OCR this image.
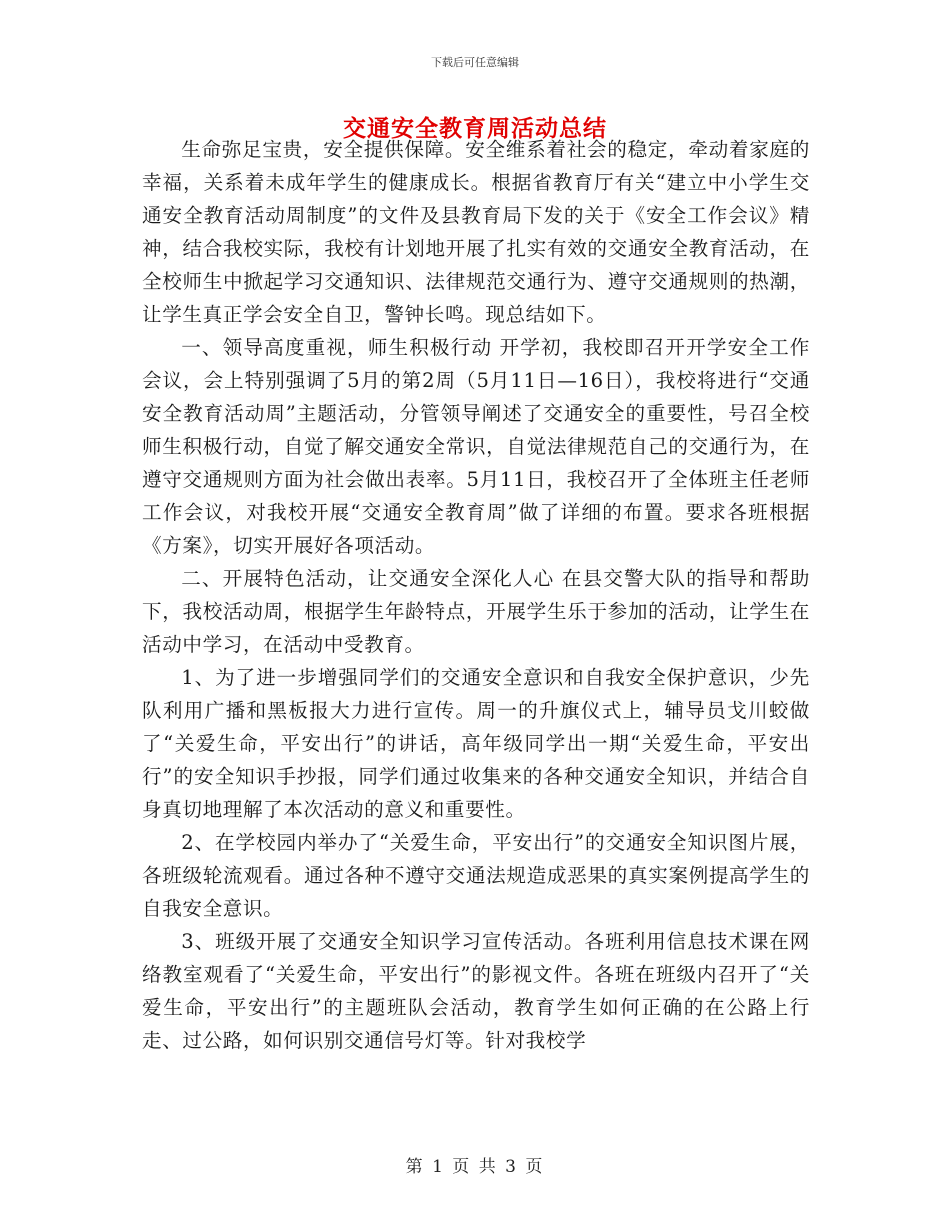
下载后可任意编辑
交通安全教育周活动总结

生命弥足宝贵，安全提供保障。安全维系着社会的稳定，牵动着家庭的幸福，关系着未成年学生的健康成长。根据省教育厅有关“建立中小学生交通安全教育活动周制度”的文件及县教育局下发的关于《安全工作会议》精神，结合我校实际，我校有计划地开展了扎实有效的交通安全教育活动，在全校师生中掀起学习交通知识、法律规范交通行为、遵守交通规则的热潮，让学生真正学会安全自卫，警钟长鸣。现总结如下。

一、领导高度重视，师生积极行动 开学初，我校即召开开学安全工作会议，会上特别强调了5月的第2周（5月11日—16日），我校将进行“交通安全教育活动周”主题活动，分管领导阐述了交通安全的重要性，号召全校师生积极行动，自觉了解交通安全常识，自觉法律规范自己的交通行为，在遵守交通规则方面为社会做出表率。5月11日，我校召开了全体班主任老师工作会议，对我校开展“交通安全教育周”做了详细的布置。要求各班根据《方案》，切实开展好各项活动。

二、开展特色活动，让交通安全深化人心 在县交警大队的指导和帮助下，我校活动周，根据学生年龄特点，开展学生乐于参加的活动，让学生在活动中学习，在活动中受教育。

1、为了进一步增强同学们的交通安全意识和自我安全保护意识，少先队利用广播和黑板报大力进行宣传。周一的升旗仪式上，辅导员戈川蛟做了“关爱生命，平安出行”的讲话，高年级同学出一期“关爱生命，平安出行”的安全知识手抄报，同学们通过收集来的各种交通安全知识，并结合自身真切地理解了本次活动的意义和重要性。

2、在学校园内举办了“关爱生命，平安出行”的交通安全知识图片展，各班级轮流观看。通过各种不遵守交通法规造成恶果的真实案例提高学生的自我安全意识。

3、班级开展了交通安全知识学习宣传活动。各班利用信息技术课在网络教室观看了“关爱生命，平安出行”的影视文件。各班在班级内召开了“关爱生命，平安出行”的主题班队会活动，教育学生如何正确的在公路上行走、过公路，如何识别交通信号灯等。针对我校学

第 1 页 共 3 页
